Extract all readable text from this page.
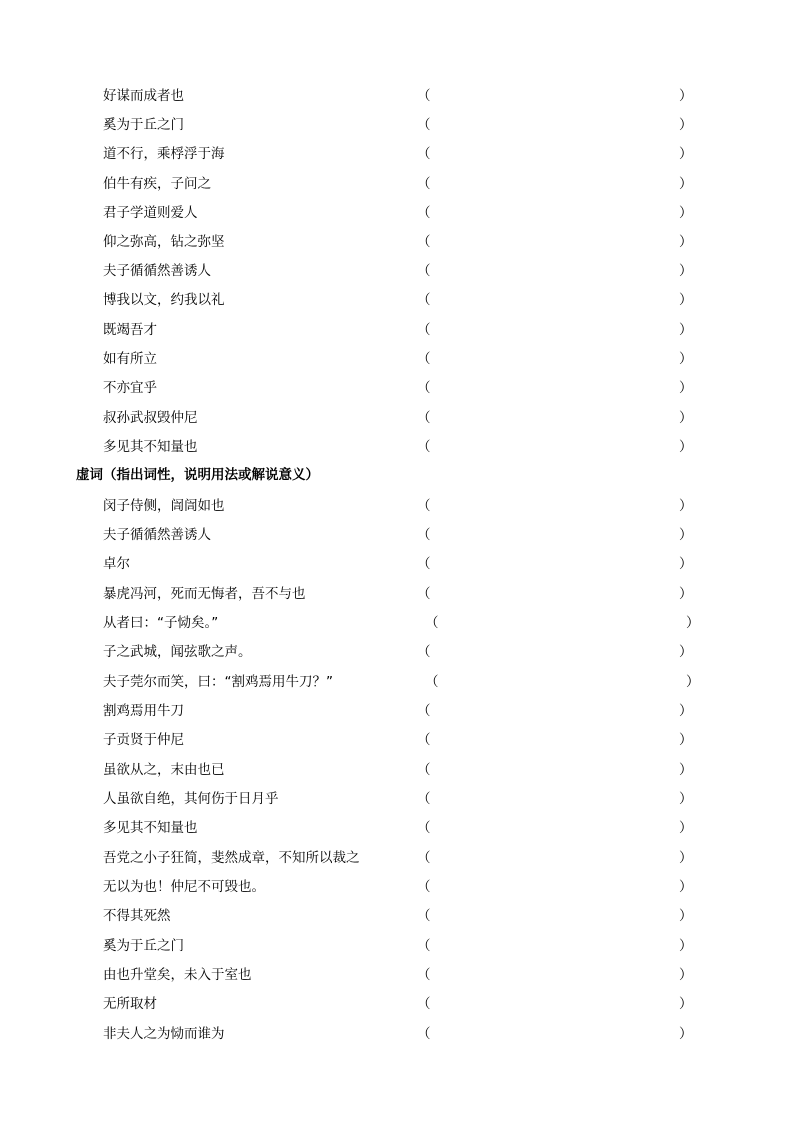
好谋而成者也	（	）
奚为于丘之门	（	）
道不行，乘桴浮于海	（	）
伯牛有疾，子问之	（	）
君子学道则爱人	（	）
仰之弥高，钻之弥坚	（	）
夫子循循然善诱人	（	）
博我以文，约我以礼	（	）
既竭吾才	（	）
如有所立	（	）
不亦宜乎	（	）
叔孙武叔毁仲尼	（	）
多见其不知量也	（	）
虚词（指出词性，说明用法或解说意义）
闵子侍侧，訚訚如也	（	）
夫子循循然善诱人	（	）
卓尔	（	）
暴虎冯河，死而无悔者，吾不与也	（	）
从者曰：“子恸矣。”	（	）
子之武城，闻弦歌之声。	（	）
夫子莞尔而笑，曰：“割鸡焉用牛刀？”	（	）
割鸡焉用牛刀	（	）
子贡贤于仲尼	（	）
虽欲从之，末由也已	（	）
人虽欲自绝，其何伤于日月乎	（	）
多见其不知量也	（	）
吾党之小子狂简，斐然成章，不知所以裁之	（	）
无以为也！仲尼不可毁也。	（	）
不得其死然	（	）
奚为于丘之门	（	）
由也升堂矣，未入于室也	（	）
无所取材	（	）
非夫人之为恸而谁为	（	）
